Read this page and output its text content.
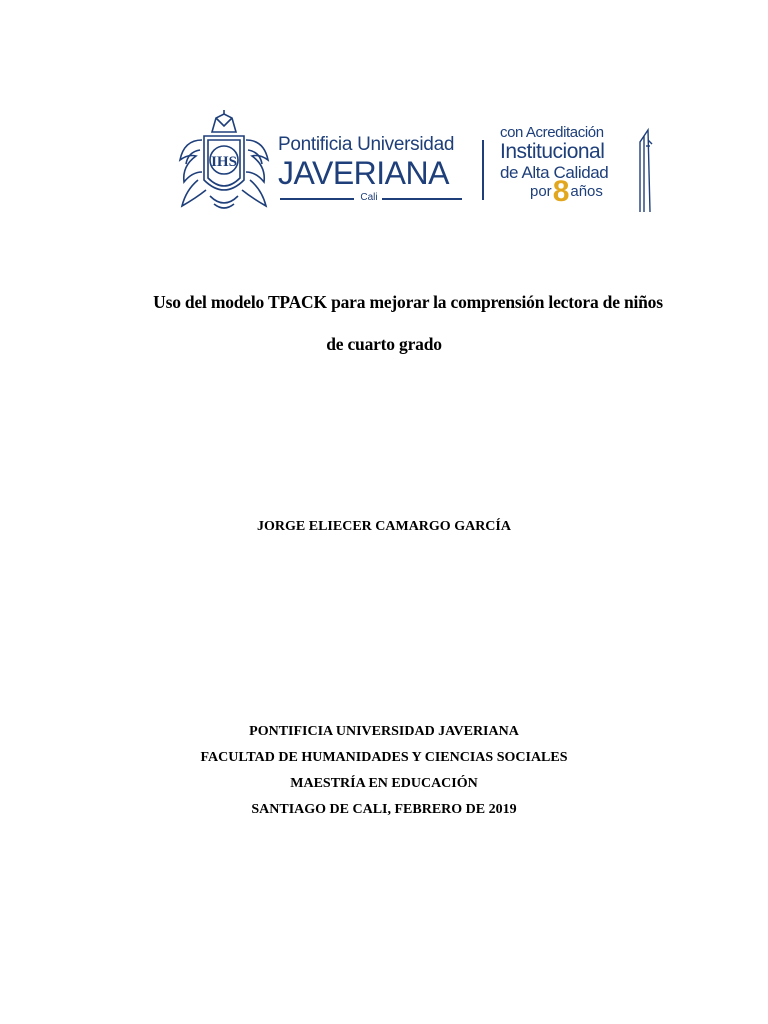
IHS
Pontificia Universidad
JAVERIANA
Cali
con Acreditación
Institucional
de Alta Calidad
por8años
Uso del modelo TPACK para mejorar la comprensión lectora de niños
de cuarto grado
JORGE ELIECER CAMARGO GARCÍA
PONTIFICIA UNIVERSIDAD JAVERIANA
FACULTAD DE HUMANIDADES Y CIENCIAS SOCIALES
MAESTRÍA EN EDUCACIÓN
SANTIAGO DE CALI, FEBRERO DE 2019
